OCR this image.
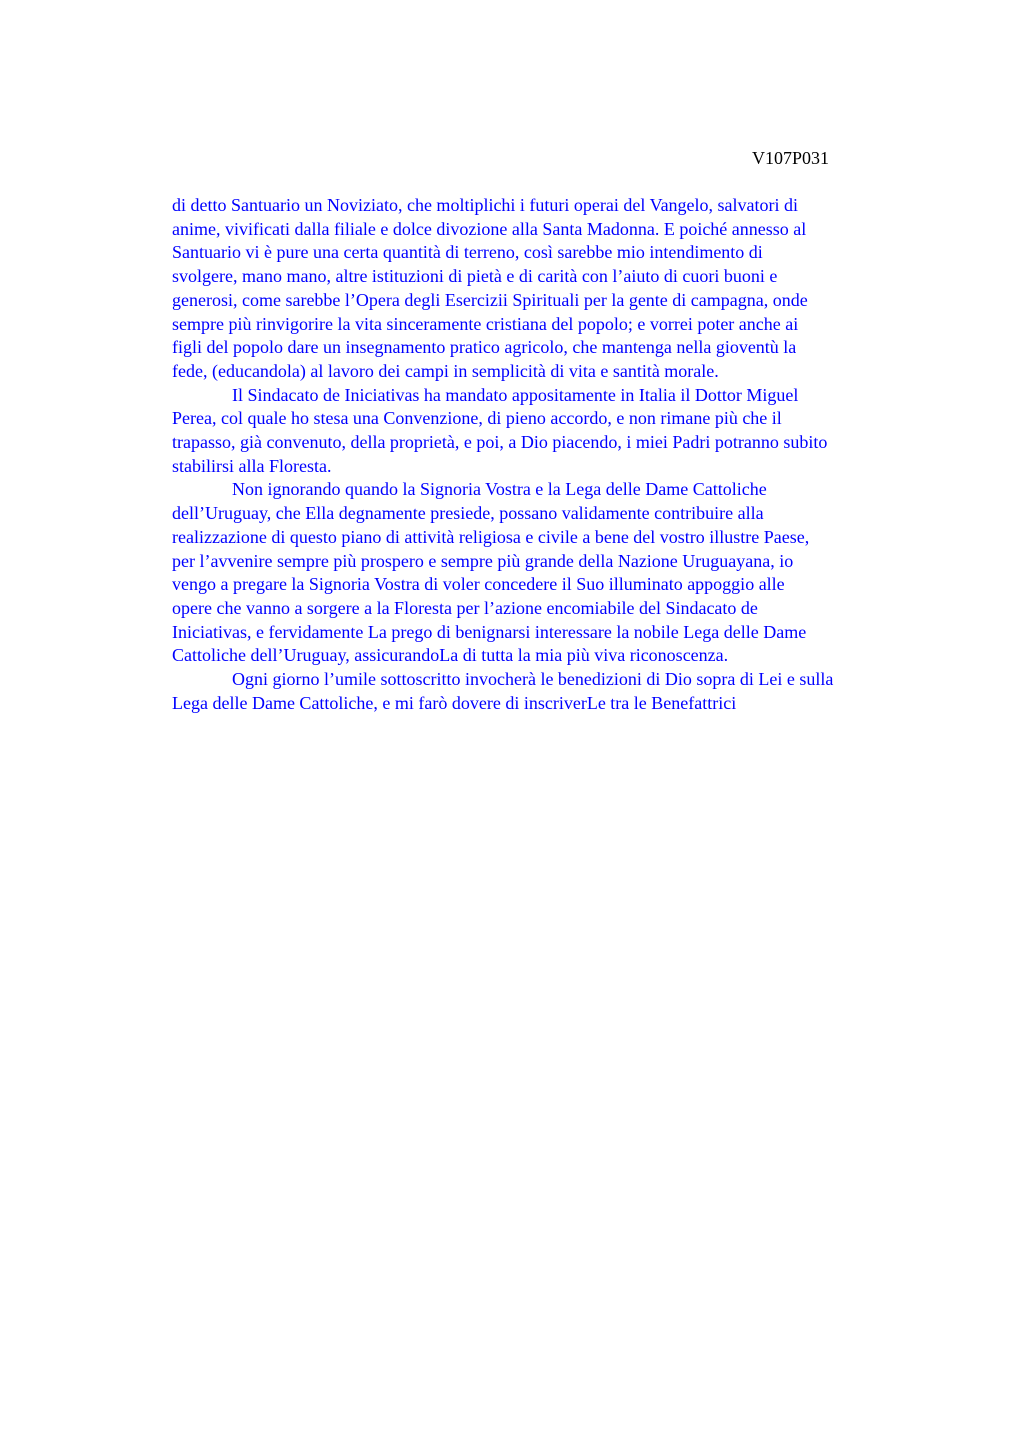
V107P031
di detto Santuario un Noviziato, che moltiplichi i futuri operai del Vangelo, salvatori di
anime, vivificati dalla filiale e dolce divozione alla Santa Madonna. E poiché annesso al
Santuario vi è pure una certa quantità di terreno, così sarebbe mio intendimento di
svolgere, mano mano, altre istituzioni di pietà e di carità con l’aiuto di cuori buoni e
generosi, come sarebbe l’Opera degli Esercizii Spirituali per la gente di campagna, onde
sempre più rinvigorire la vita sinceramente cristiana del popolo; e vorrei poter anche ai
figli del popolo dare un insegnamento pratico agricolo, che mantenga nella gioventù la
fede, (educandola) al lavoro dei campi in semplicità di vita e santità morale.
Il Sindacato de Iniciativas ha mandato appositamente in Italia il Dottor Miguel
Perea, col quale ho stesa una Convenzione, di pieno accordo, e non rimane più che il
trapasso, già convenuto, della proprietà, e poi, a Dio piacendo, i miei Padri potranno subito
stabilirsi alla Floresta.
Non ignorando quando la Signoria Vostra e la Lega delle Dame Cattoliche
dell’Uruguay, che Ella degnamente presiede, possano validamente contribuire alla
realizzazione di questo piano di attività religiosa e civile a bene del vostro illustre Paese,
per l’avvenire sempre più prospero e sempre più grande della Nazione Uruguayana, io
vengo a pregare la Signoria Vostra di voler concedere il Suo illuminato appoggio alle
opere che vanno a sorgere a la Floresta per l’azione encomiabile del Sindacato de
Iniciativas, e fervidamente La prego di benignarsi interessare la nobile Lega delle Dame
Cattoliche dell’Uruguay, assicurandoLa di tutta la mia più viva riconoscenza.
Ogni giorno l’umile sottoscritto invocherà le benedizioni di Dio sopra di Lei e sulla
Lega delle Dame Cattoliche, e mi farò dovere di inscriverLe tra le Benefattrici
